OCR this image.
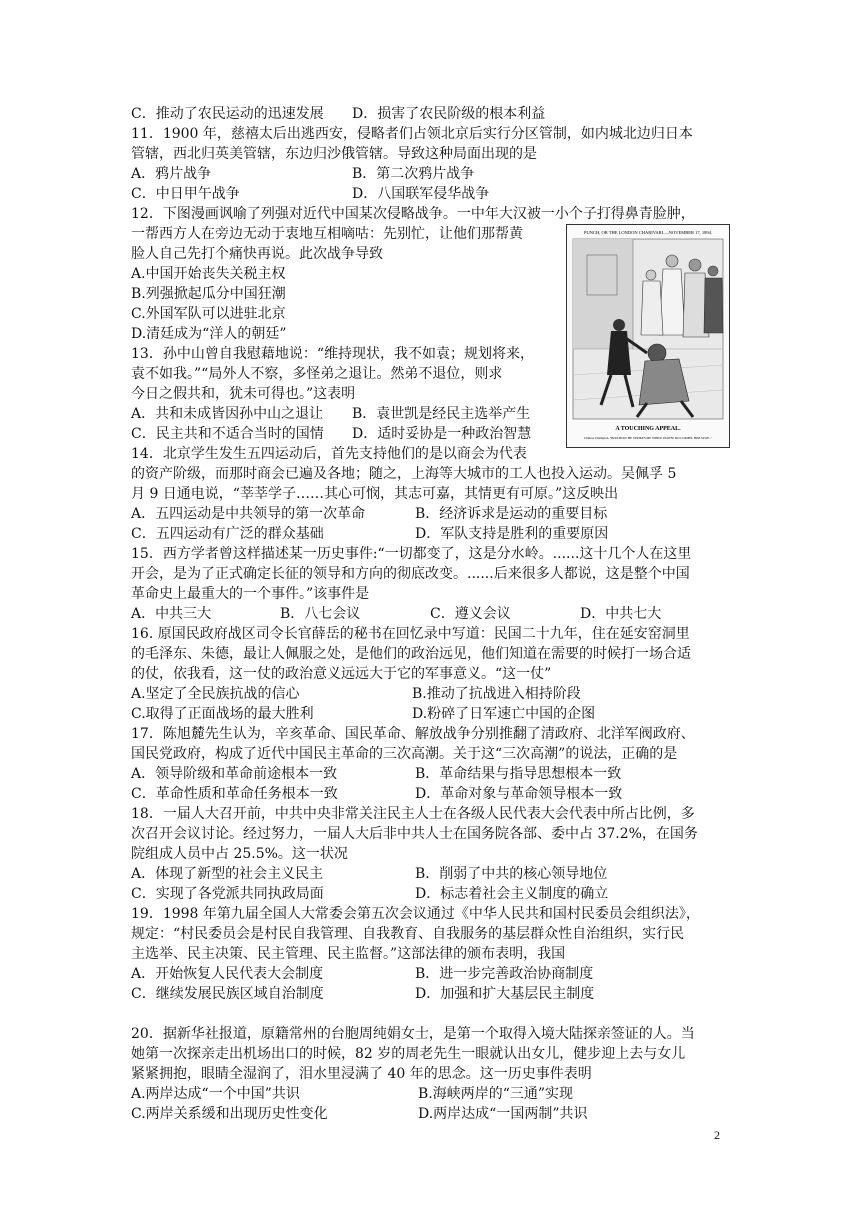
C．推动了农民运动的迅速发展 D．损害了农民阶级的根本利益
11．1900 年，慈禧太后出逃西安，侵略者们占领北京后实行分区管制，如内城北边归日本
管辖，西北归英美管辖，东边归沙俄管辖。导致这种局面出现的是
A．鸦片战争	B．第二次鸦片战争
C．中日甲午战争	D．八国联军侵华战争
12．下图漫画讽喻了列强对近代中国某次侵略战争。一中年大汉被一小个子打得鼻青脸肿，
一帮西方人在旁边无动于衷地互相嘀咕：先别忙，让他们那帮黄
脸人自己先打个痛快再说。此次战争导致
A.中国开始丧失关税主权
B.列强掀起瓜分中国狂潮
C.外国军队可以进驻北京
D.清廷成为“洋人的朝廷”
PUNCH, OR THE LONDON CHARIVARI.—NOVEMBER 17, 1894.
A TOUCHING APPEAL.
Chinese Champion. "BOO-HOO! HE STRIKES ME WHILE DOWN! DO COMPEL HIM STOP..."
13．孙中山曾自我慰藉地说：“维持现状，我不如袁；规划将来，
袁不如我。”“局外人不察，多怪弟之退让。然弟不退位，则求
今日之假共和，犹未可得也。”这表明
A．共和未成皆因孙中山之退让 B．袁世凯是经民主选举产生
C．民主共和不适合当时的国情 D．适时妥协是一种政治智慧
14．北京学生发生五四运动后，首先支持他们的是以商会为代表
的资产阶级，而那时商会已遍及各地；随之，上海等大城市的工人也投入运动。吴佩孚 5
月 9 日通电说，“莘莘学子……其心可悯，其志可嘉，其情更有可原。”这反映出
A．五四运动是中共领导的第一次革命	B．经济诉求是运动的重要目标
C．五四运动有广泛的群众基础	D．军队支持是胜利的重要原因
15．西方学者曾这样描述某一历史事件:“一切都变了，这是分水岭。......这十几个人在这里
开会，是为了正式确定长征的领导和方向的彻底改变。......后来很多人都说，这是整个中国
革命史上最重大的一个事件。”该事件是
A．中共三大	B．八七会议	C．遵义会议	D．中共七大
16. 原国民政府战区司令长官薛岳的秘书在回忆录中写道：民国二十九年，住在延安窑洞里
的毛泽东、朱德，最让人佩服之处，是他们的政治远见，他们知道在需要的时候打一场合适
的仗，依我看，这一仗的政治意义远远大于它的军事意义。“这一仗”
A.坚定了全民族抗战的信心	B.推动了抗战进入相持阶段
C.取得了正面战场的最大胜利	D.粉碎了日军速亡中国的企图
17．陈旭麓先生认为，辛亥革命、国民革命、解放战争分别推翻了清政府、北洋军阀政府、
国民党政府，构成了近代中国民主革命的三次高潮。关于这“三次高潮”的说法，正确的是
A．领导阶级和革命前途根本一致	B．革命结果与指导思想根本一致
C．革命性质和革命任务根本一致	D．革命对象与革命领导根本一致
18．一届人大召开前，中共中央非常关注民主人士在各级人民代表大会代表中所占比例，多
次召开会议讨论。经过努力，一届人大后非中共人士在国务院各部、委中占 37.2%，在国务
院组成人员中占 25.5%。这一状况
A．体现了新型的社会主义民主	B．削弱了中共的核心领导地位
C．实现了各党派共同执政局面	D．标志着社会主义制度的确立
19．1998 年第九届全国人大常委会第五次会议通过《中华人民共和国村民委员会组织法》，
规定：“村民委员会是村民自我管理、自我教育、自我服务的基层群众性自治组织，实行民
主选举、民主决策、民主管理、民主监督。”这部法律的颁布表明，我国
A．开始恢复人民代表大会制度	B．进一步完善政治协商制度
C．继续发展民族区域自治制度	D．加强和扩大基层民主制度
20．据新华社报道，原籍常州的台胞周纯娟女士，是第一个取得入境大陆探亲签证的人。当
她第一次探亲走出机场出口的时候，82 岁的周老先生一眼就认出女儿，健步迎上去与女儿
紧紧拥抱，眼睛全湿润了，泪水里浸满了 40 年的思念。这一历史事件表明
A.两岸达成“一个中国”共识	B.海峡两岸的“三通”实现
C.两岸关系缓和出现历史性变化	D.两岸达成“一国两制”共识
2
